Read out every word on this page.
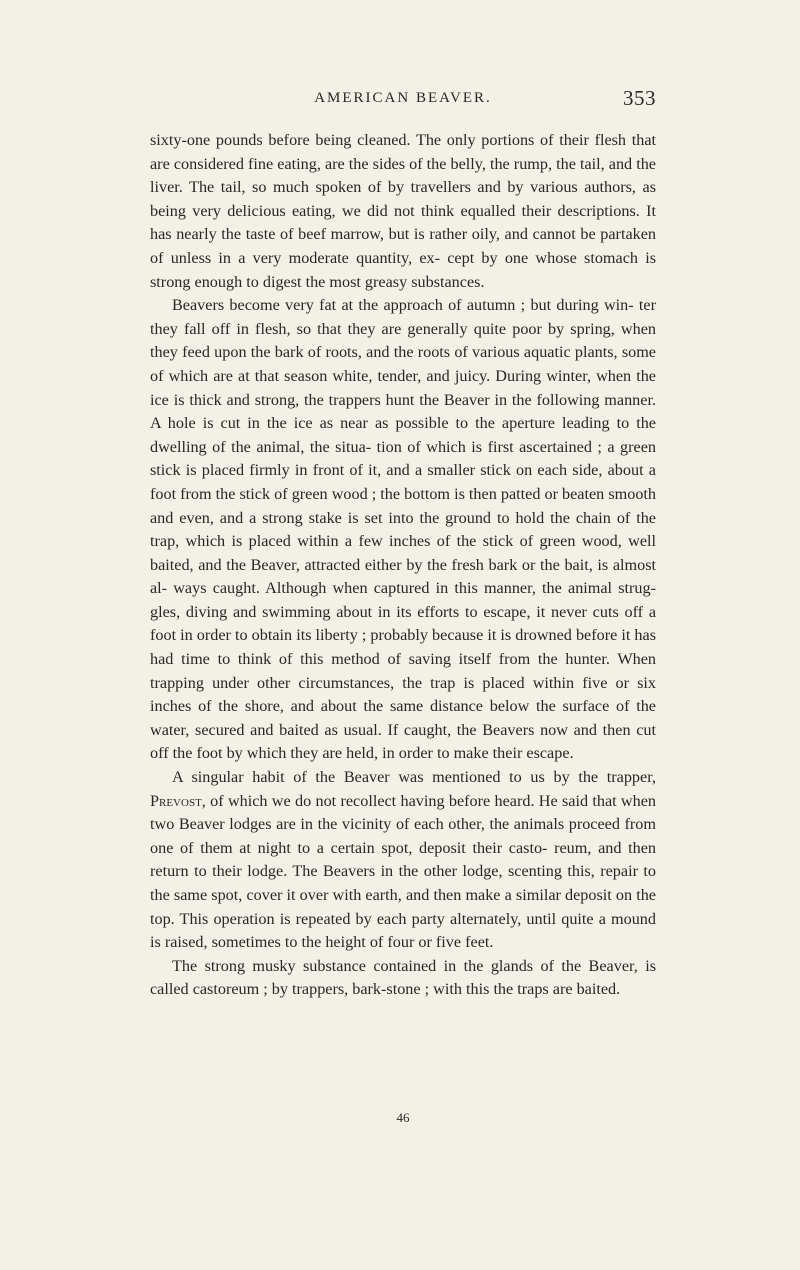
AMERICAN BEAVER.	353

sixty-one pounds before being cleaned. The only portions of their flesh that are considered fine eating, are the sides of the belly, the rump, the tail, and the liver. The tail, so much spoken of by travellers and by various authors, as being very delicious eating, we did not think equalled their descriptions. It has nearly the taste of beef marrow, but is rather oily, and cannot be partaken of unless in a very moderate quantity, ex- cept by one whose stomach is strong enough to digest the most greasy substances.

Beavers become very fat at the approach of autumn ; but during win- ter they fall off in flesh, so that they are generally quite poor by spring, when they feed upon the bark of roots, and the roots of various aquatic plants, some of which are at that season white, tender, and juicy. During winter, when the ice is thick and strong, the trappers hunt the Beaver in the following manner. A hole is cut in the ice as near as possible to the aperture leading to the dwelling of the animal, the situa- tion of which is first ascertained ; a green stick is placed firmly in front of it, and a smaller stick on each side, about a foot from the stick of green wood ; the bottom is then patted or beaten smooth and even, and a strong stake is set into the ground to hold the chain of the trap, which is placed within a few inches of the stick of green wood, well baited, and the Beaver, attracted either by the fresh bark or the bait, is almost al- ways caught. Although when captured in this manner, the animal strug- gles, diving and swimming about in its efforts to escape, it never cuts off a foot in order to obtain its liberty ; probably because it is drowned before it has had time to think of this method of saving itself from the hunter. When trapping under other circumstances, the trap is placed within five or six inches of the shore, and about the same distance below the surface of the water, secured and baited as usual. If caught, the Beavers now and then cut off the foot by which they are held, in order to make their escape.

A singular habit of the Beaver was mentioned to us by the trapper, Prevost, of which we do not recollect having before heard. He said that when two Beaver lodges are in the vicinity of each other, the animals proceed from one of them at night to a certain spot, deposit their casto- reum, and then return to their lodge. The Beavers in the other lodge, scenting this, repair to the same spot, cover it over with earth, and then make a similar deposit on the top. This operation is repeated by each party alternately, until quite a mound is raised, sometimes to the height of four or five feet.

The strong musky substance contained in the glands of the Beaver, is called castoreum ; by trappers, bark-stone ; with this the traps are baited.

46
